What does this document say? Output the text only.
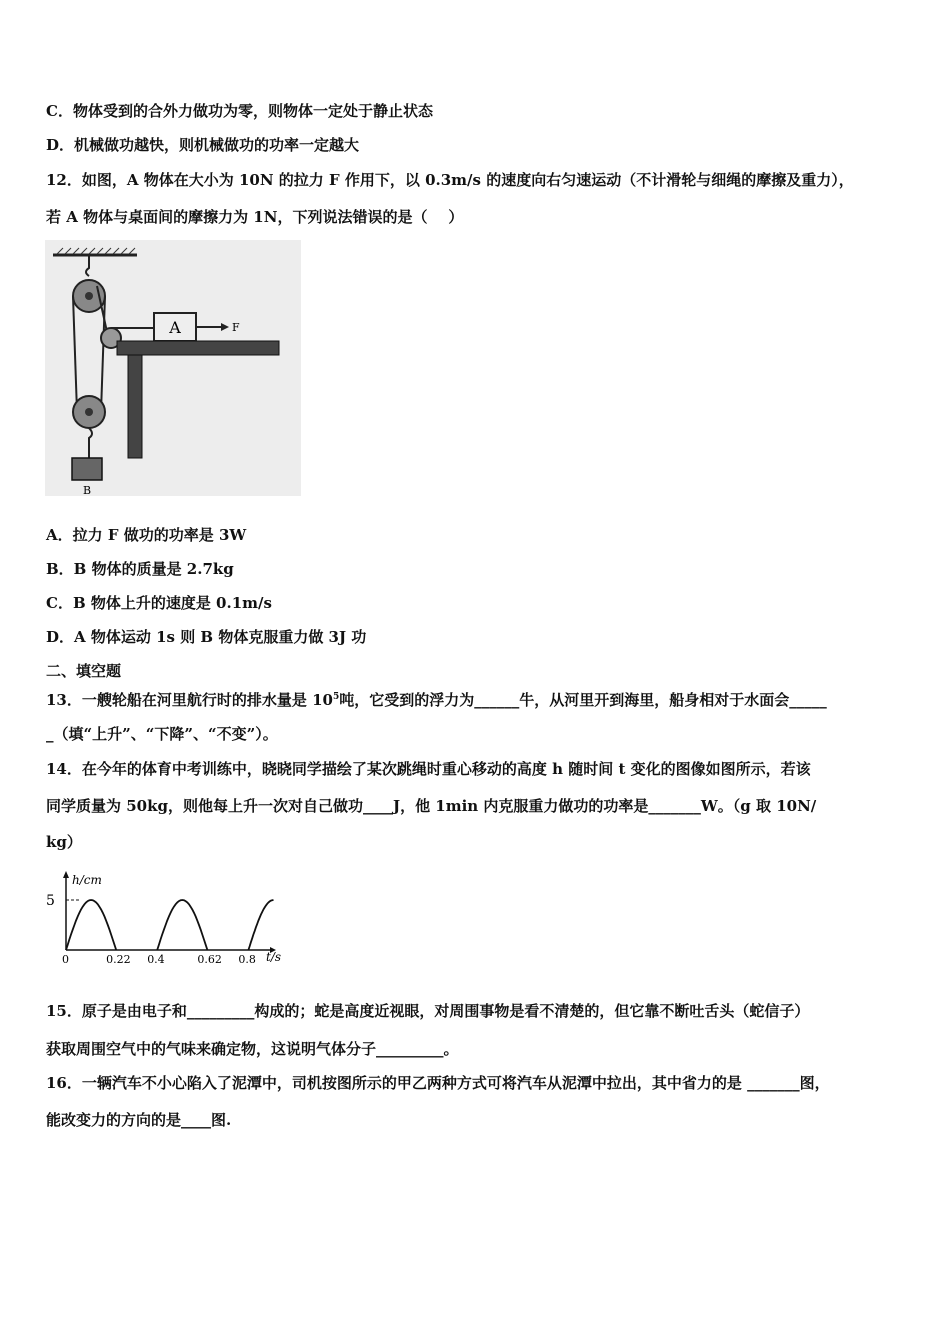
C．物体受到的合外力做功为零，则物体一定处于静止状态
D．机械做功越快，则机械做功的功率一定越大
12．如图，A 物体在大小为 10N 的拉力 F 作用下，以 0.3m/s 的速度向右匀速运动（不计滑轮与细绳的摩擦及重力），
若 A 物体与桌面间的摩擦力为 1N，下列说法错误的是（    ）
A	F
B
A．拉力 F 做功的功率是 3W
B．B 物体的质量是 2.7kg
C．B 物体上升的速度是 0.1m/s
D．A 物体运动 1s 则 B 物体克服重力做 3J 功
二、填空题
13．一艘轮船在河里航行时的排水量是 $10^5$吨，它受到的浮力为______牛，从河里开到海里，船身相对于水面会_____
_（填“上升”、“下降”、“不变”）。
14．在今年的体育中考训练中，晓晓同学描绘了某次跳绳时重心移动的高度 h 随时间 t 变化的图像如图所示，若该
同学质量为 50kg，则他每上升一次对自己做功____J，他 1min 内克服重力做功的功率是_______W。（g 取 10N/
kg）
h/cm
t/s
5
0	0.22 0.4	0.62 0.8
15．原子是由电子和_________构成的；蛇是高度近视眼，对周围事物是看不清楚的，但它靠不断吐舌头（蛇信子）
获取周围空气中的气味来确定物，这说明气体分子_________。
16．一辆汽车不小心陷入了泥潭中，司机按图所示的甲乙两种方式可将汽车从泥潭中拉出，其中省力的是 _______图，
能改变力的方向的是____图.
